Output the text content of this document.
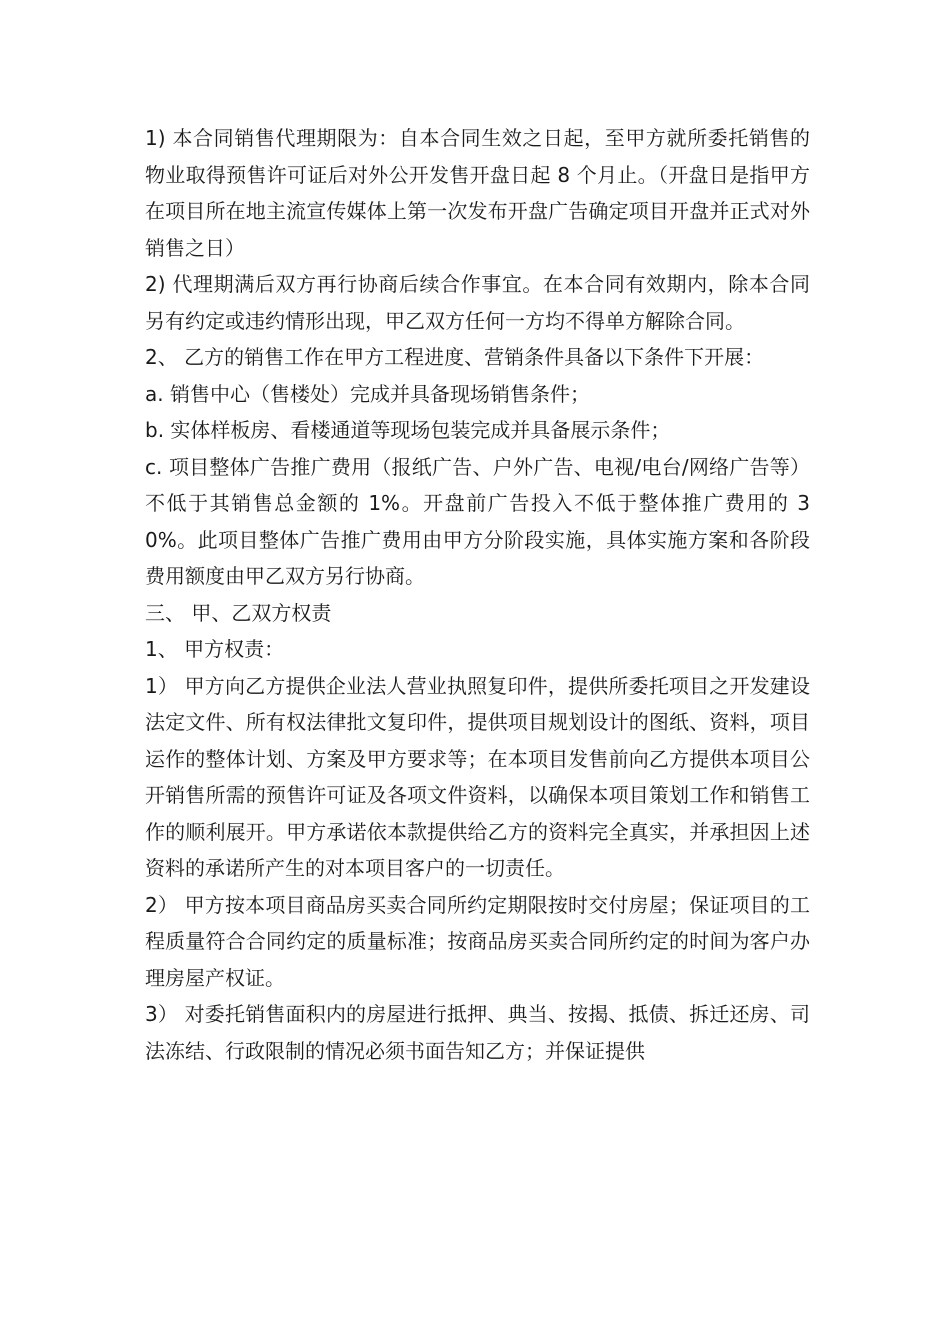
1) 本合同销售代理期限为：自本合同生效之日起，至甲方就所委托销售的物业取得预售许可证后对外公开发售开盘日起 8 个月止。（开盘日是指甲方在项目所在地主流宣传媒体上第一次发布开盘广告确定项目开盘并正式对外销售之日）

2) 代理期满后双方再行协商后续合作事宜。在本合同有效期内，除本合同另有约定或违约情形出现，甲乙双方任何一方均不得单方解除合同。

2、 乙方的销售工作在甲方工程进度、营销条件具备以下条件下开展：

a. 销售中心（售楼处）完成并具备现场销售条件；

b. 实体样板房、看楼通道等现场包装完成并具备展示条件；

c. 项目整体广告推广费用（报纸广告、户外广告、电视/电台/网络广告等）不低于其销售总金额的 1%。开盘前广告投入不低于整体推广费用的 30%。此项目整体广告推广费用由甲方分阶段实施，具体实施方案和各阶段费用额度由甲乙双方另行协商。

三、 甲、乙双方权责

1、 甲方权责：

1） 甲方向乙方提供企业法人营业执照复印件，提供所委托项目之开发建设法定文件、所有权法律批文复印件，提供项目规划设计的图纸、资料，项目运作的整体计划、方案及甲方要求等；在本项目发售前向乙方提供本项目公开销售所需的预售许可证及各项文件资料，以确保本项目策划工作和销售工作的顺利展开。甲方承诺依本款提供给乙方的资料完全真实，并承担因上述资料的承诺所产生的对本项目客户的一切责任。

2） 甲方按本项目商品房买卖合同所约定期限按时交付房屋；保证项目的工程质量符合合同约定的质量标准；按商品房买卖合同所约定的时间为客户办理房屋产权证。

3） 对委托销售面积内的房屋进行抵押、典当、按揭、抵债、拆迁还房、司法冻结、行政限制的情况必须书面告知乙方；并保证提供
